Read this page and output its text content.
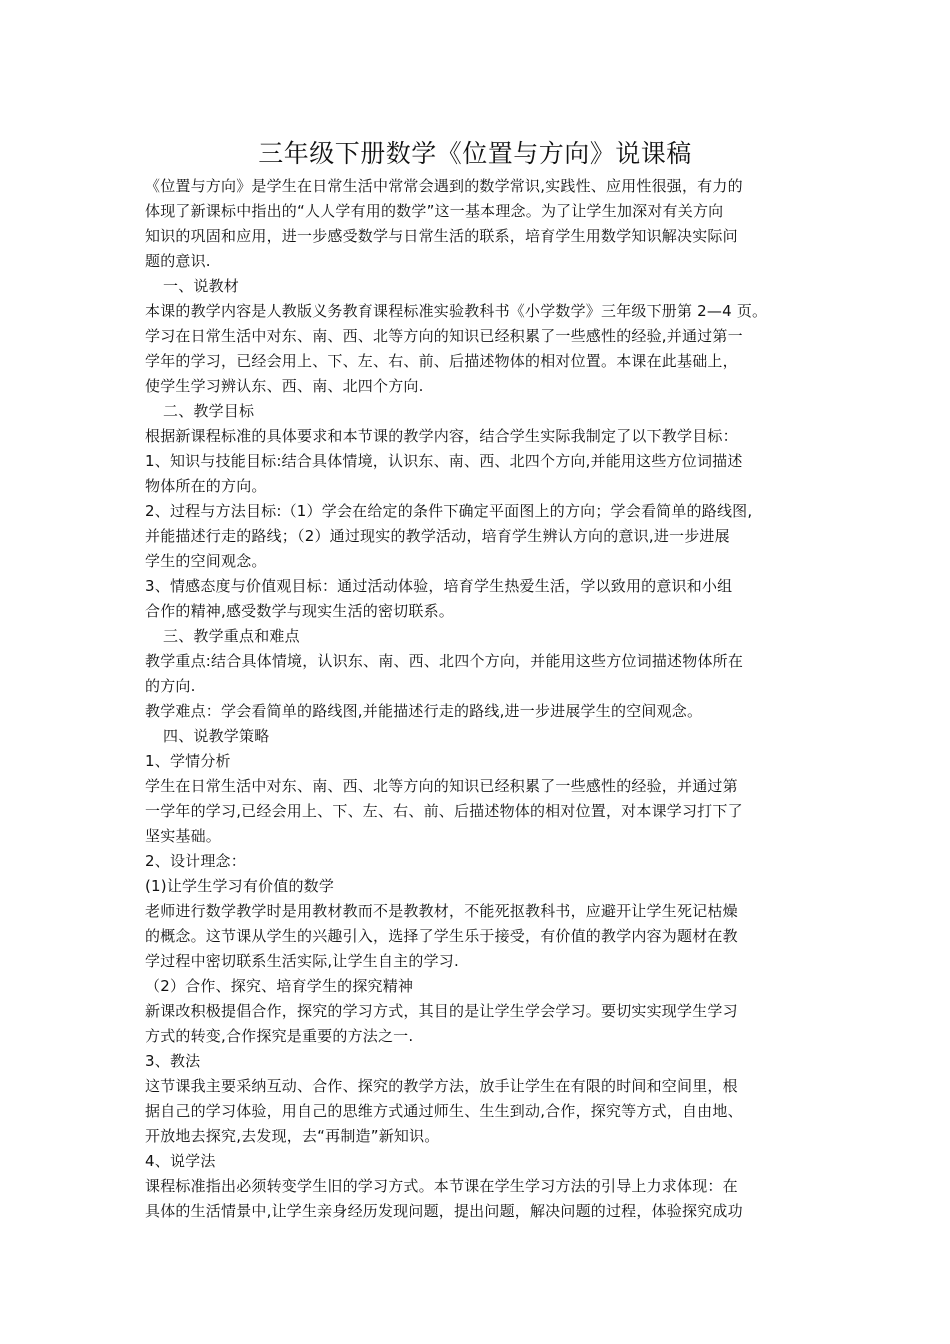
三年级下册数学《位置与方向》说课稿
《位置与方向》是学生在日常生活中常常会遇到的数学常识,实践性、应用性很强，有力的
体现了新课标中指出的“人人学有用的数学”这一基本理念。为了让学生加深对有关方向
知识的巩固和应用，进一步感受数学与日常生活的联系，培育学生用数学知识解决实际问
题的意识.
一、说教材
本课的教学内容是人教版义务教育课程标准实验教科书《小学数学》三年级下册第 2—4 页。
学习在日常生活中对东、南、西、北等方向的知识已经积累了一些感性的经验,并通过第一
学年的学习，已经会用上、下、左、右、前、后描述物体的相对位置。本课在此基础上，
使学生学习辨认东、西、南、北四个方向.
二、教学目标
根据新课程标准的具体要求和本节课的教学内容，结合学生实际我制定了以下教学目标：
1、知识与技能目标:结合具体情境，认识东、南、西、北四个方向,并能用这些方位词描述
物体所在的方向。
2、过程与方法目标:（1）学会在给定的条件下确定平面图上的方向；学会看简单的路线图,
并能描述行走的路线；（2）通过现实的教学活动，培育学生辨认方向的意识,进一步进展
学生的空间观念。
3、情感态度与价值观目标：通过活动体验，培育学生热爱生活，学以致用的意识和小组
合作的精神,感受数学与现实生活的密切联系。
三、教学重点和难点
教学重点:结合具体情境，认识东、南、西、北四个方向，并能用这些方位词描述物体所在
的方向.
教学难点：学会看简单的路线图,并能描述行走的路线,进一步进展学生的空间观念。
四、说教学策略
1、学情分析
学生在日常生活中对东、南、西、北等方向的知识已经积累了一些感性的经验，并通过第
一学年的学习,已经会用上、下、左、右、前、后描述物体的相对位置，对本课学习打下了
坚实基础。
2、设计理念：
(1)让学生学习有价值的数学
老师进行数学教学时是用教材教而不是教教材，不能死抠教科书，应避开让学生死记枯燥
的概念。这节课从学生的兴趣引入，选择了学生乐于接受，有价值的教学内容为题材在教
学过程中密切联系生活实际,让学生自主的学习.
（2）合作、探究、培育学生的探究精神
新课改积极提倡合作，探究的学习方式，其目的是让学生学会学习。要切实实现学生学习
方式的转变,合作探究是重要的方法之一.
3、教法
这节课我主要采纳互动、合作、探究的教学方法，放手让学生在有限的时间和空间里，根
据自己的学习体验，用自己的思维方式通过师生、生生到动,合作，探究等方式，自由地、
开放地去探究,去发现，去“再制造”新知识。
4、说学法
课程标准指出必须转变学生旧的学习方式。本节课在学生学习方法的引导上力求体现：在
具体的生活情景中,让学生亲身经历发现问题，提出问题，解决问题的过程，体验探究成功
